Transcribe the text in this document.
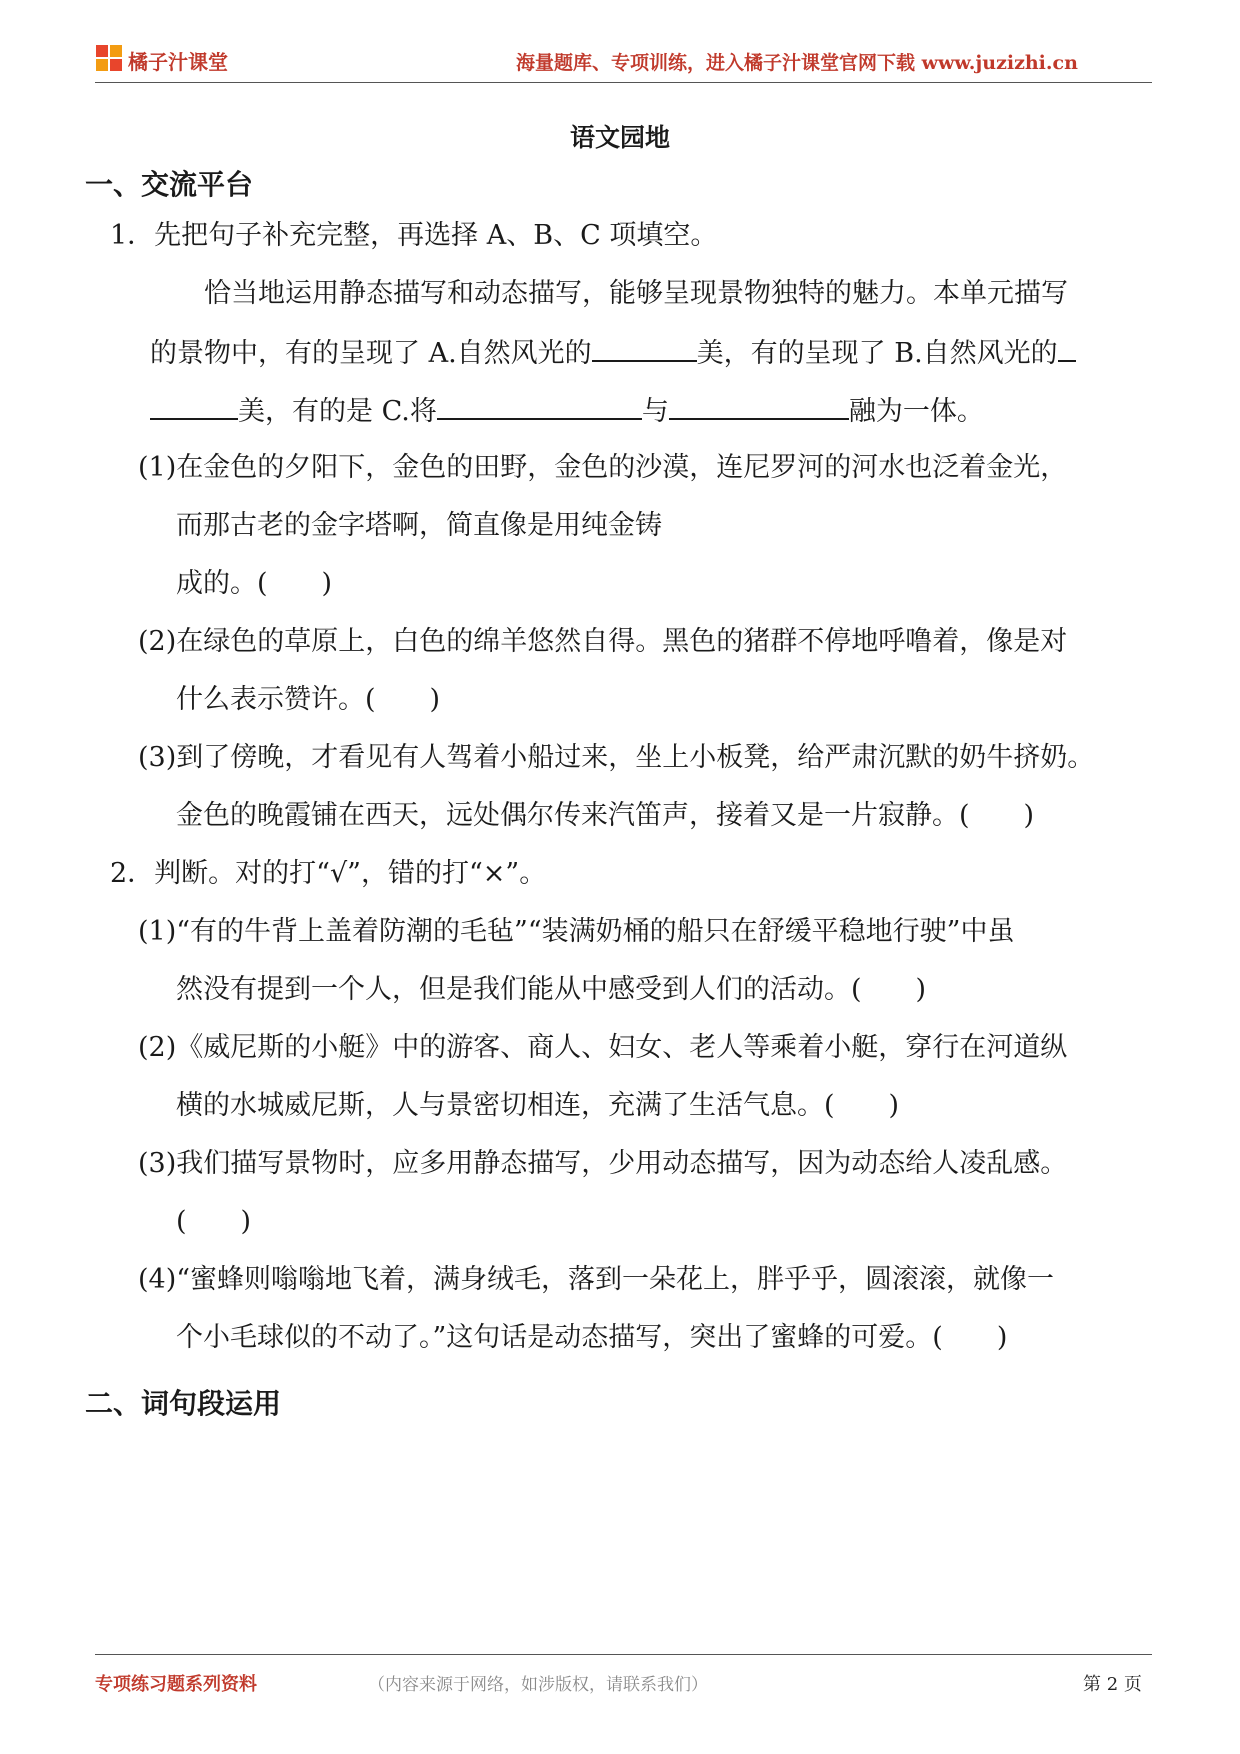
橘子汁课堂	海量题库、专项训练，进入橘子汁课堂官网下载 www.juzizhi.cn
语文园地
一、交流平台
1．先把句子补充完整，再选择 A、B、C 项填空。
恰当地运用静态描写和动态描写，能够呈现景物独特的魅力。本单元描写
的景物中，有的呈现了 A.自然风光的	美，有的呈现了 B.自然风光的
美，有的是 C.将	与	融为一体。
(1)在金色的夕阳下，金色的田野，金色的沙漠，连尼罗河的河水也泛着金光，
而那古老的金字塔啊，简直像是用纯金铸
成的。(　　)
(2)在绿色的草原上，白色的绵羊悠然自得。黑色的猪群不停地呼噜着，像是对
什么表示赞许。(　　)
(3)到了傍晚，才看见有人驾着小船过来，坐上小板凳，给严肃沉默的奶牛挤奶。
金色的晚霞铺在西天，远处偶尔传来汽笛声，接着又是一片寂静。(　　)
2．判断。对的打“√”，错的打“×”。
(1)“有的牛背上盖着防潮的毛毡”“装满奶桶的船只在舒缓平稳地行驶”中虽
然没有提到一个人，但是我们能从中感受到人们的活动。(　　)
(2)《威尼斯的小艇》中的游客、商人、妇女、老人等乘着小艇，穿行在河道纵
横的水城威尼斯，人与景密切相连，充满了生活气息。(　　)
(3)我们描写景物时，应多用静态描写，少用动态描写，因为动态给人凌乱感。
(　　)
(4)“蜜蜂则嗡嗡地飞着，满身绒毛，落到一朵花上，胖乎乎，圆滚滚，就像一
个小毛球似的不动了。”这句话是动态描写，突出了蜜蜂的可爱。(　　)
二、词句段运用
专项练习题系列资料	（内容来源于网络，如涉版权，请联系我们）	第 2 页
